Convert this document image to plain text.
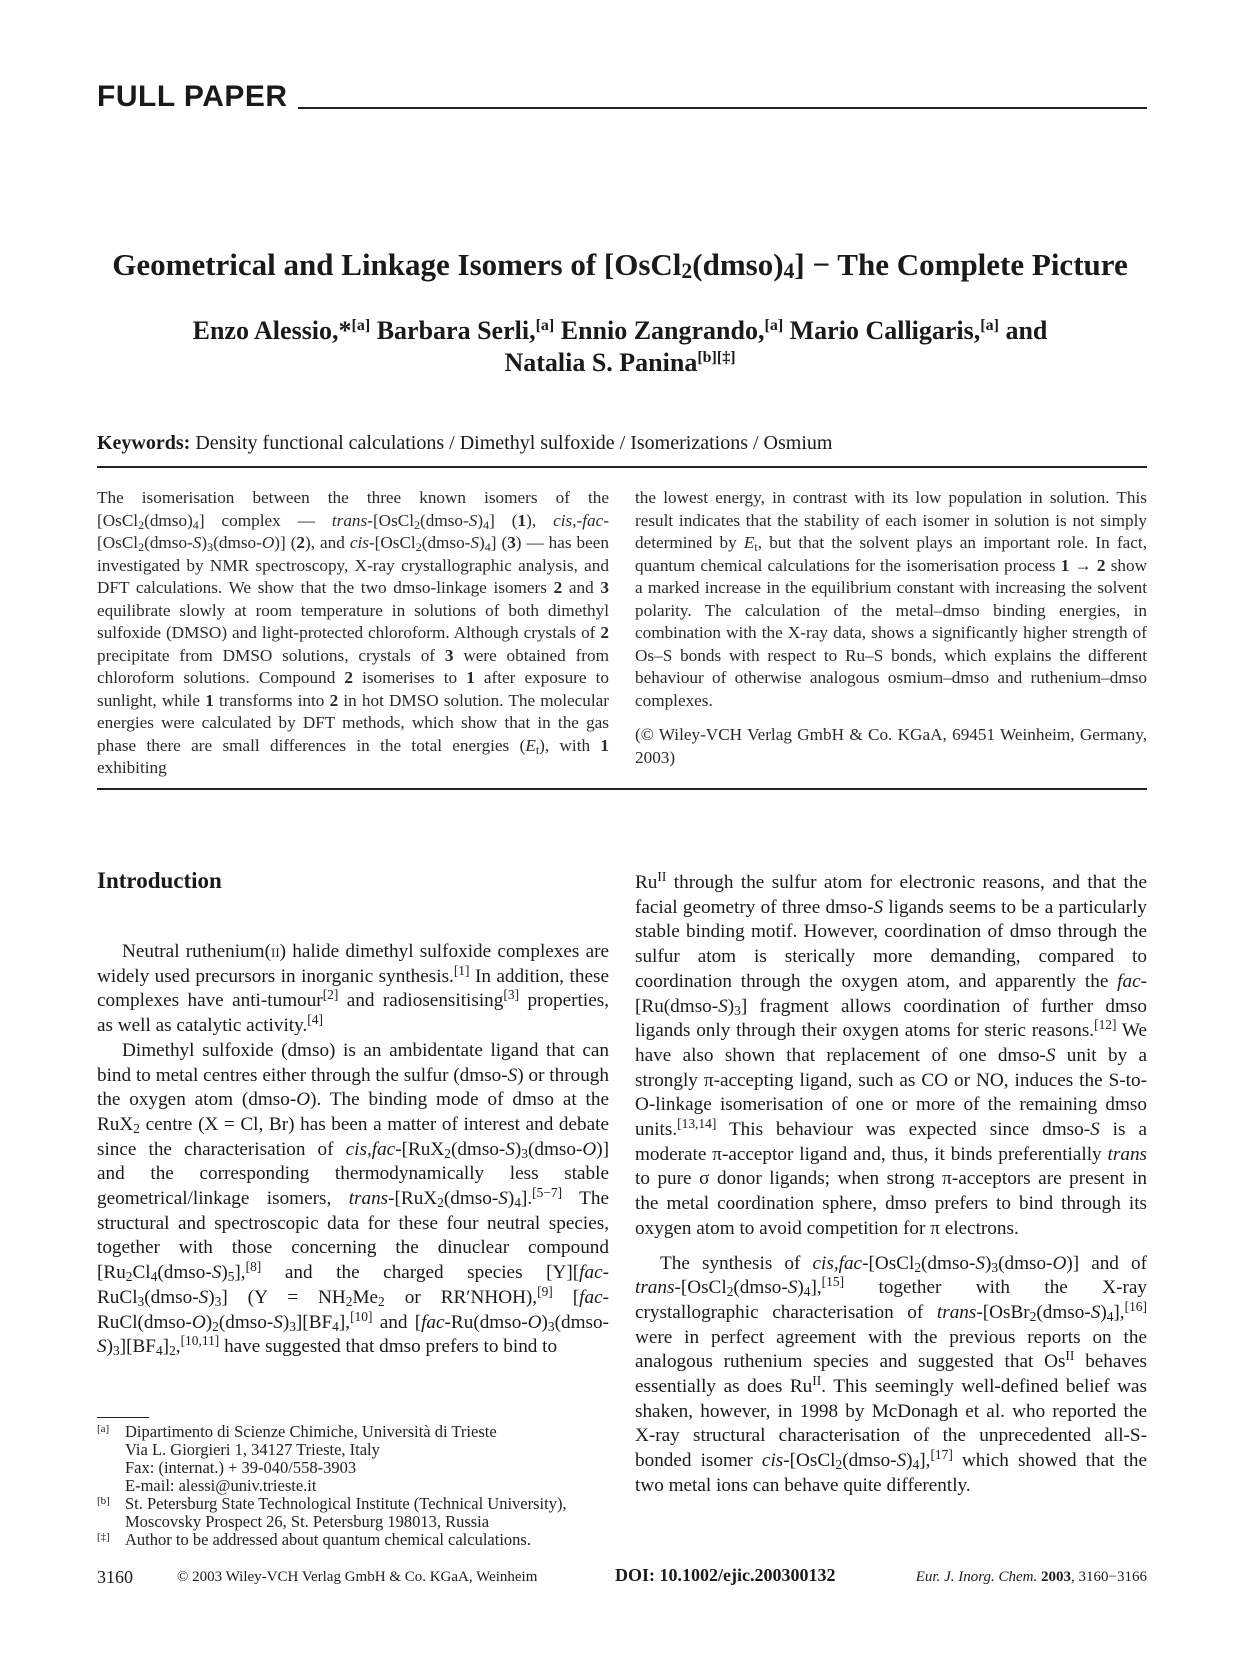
FULL PAPER
Geometrical and Linkage Isomers of $[OsCl_2(dmso)_4]$ − The Complete Picture
Enzo Alessio,*[a] Barbara Serli,[a] Ennio Zangrando,[a] Mario Calligaris,[a] and
Natalia S. Panina[b][‡]
Keywords: Density functional calculations / Dimethyl sulfoxide / Isomerizations / Osmium

The isomerisation between the three known isomers of the $[OsCl_2(dmso)_4]$ complex — trans-$[OsCl_2(dmso-S)_4]$ (1), $cis,-fac-[OsCl_2(dmso-S)_3(dmso-O)]$ (2), and cis-$[OsCl_2(dmso-S)_4]$ (3) — has been investigated by NMR spectroscopy, X-ray crystallographic analysis, and DFT calculations. We show that the two dmso-linkage isomers 2 and 3 equilibrate slowly at room temperature in solutions of both dimethyl sulfoxide (DMSO) and light-protected chloroform. Although crystals of 2 precipitate from DMSO solutions, crystals of 3 were obtained from chloroform solutions. Compound 2 isomerises to 1 after exposure to sunlight, while 1 transforms into 2 in hot DMSO solution. The molecular energies were calculated by DFT methods, which show that in the gas phase there are small differences in the total energies $(E_t)$, with 1 exhibiting

the lowest energy, in contrast with its low population in solution. This result indicates that the stability of each isomer in solution is not simply determined by $E_t$, but that the solvent plays an important role. In fact, quantum chemical calculations for the isomerisation process 1 → 2 show a marked increase in the equilibrium constant with increasing the solvent polarity. The calculation of the metal–dmso binding energies, in combination with the X-ray data, shows a significantly higher strength of Os–S bonds with respect to Ru–S bonds, which explains the different behaviour of otherwise analogous osmium–dmso and ruthenium–dmso complexes.

(© Wiley-VCH Verlag GmbH & Co. KGaA, 69451 Weinheim, Germany, 2003)

Introduction

Neutral ruthenium(ii) halide dimethyl sulfoxide complexes are widely used precursors in inorganic synthesis.[1] In addition, these complexes have anti-tumour[2] and radiosensitising[3] properties, as well as catalytic activity.[4]

Dimethyl sulfoxide (dmso) is an ambidentate ligand that can bind to metal centres either through the sulfur (dmso-S) or through the oxygen atom (dmso-O). The binding mode of dmso at the RuX$_2$ centre (X = Cl, Br) has been a matter of interest and debate since the characterisation of $cis,fac-[RuX_2(dmso-S)_3(dmso-O)]$ and the corresponding thermodynamically less stable geometrical/linkage isomers, trans-$[RuX_2(dmso-S)_4].[5-7]$ The structural and spectroscopic data for these four neutral species, together with those concerning the dinuclear compound $[Ru_2Cl_4(dmso-S)_5],[8]$ and the charged species $[Y][fac-RuCl_3(dmso-S)_3] (Y = NH_2Me_2$ or RR′NHOH),[9] $[fac-RuCl(dmso-O)_2(dmso-S)_3][BF_4],[10]$ and $[fac-Ru(dmso-O)_3(dmso-S)_3][BF_4]_2,[10,11]$ have suggested that dmso prefers to bind to

$Ru^{II}$ through the sulfur atom for electronic reasons, and that the facial geometry of three dmso-S ligands seems to be a particularly stable binding motif. However, coordination of dmso through the sulfur atom is sterically more demanding, compared to coordination through the oxygen atom, and apparently the fac-$[Ru(dmso-S)_3]$ fragment allows coordination of further dmso ligands only through their oxygen atoms for steric reasons.[12] We have also shown that replacement of one dmso-S unit by a strongly π-accepting ligand, such as CO or NO, induces the S-to-O-linkage isomerisation of one or more of the remaining dmso units.[13,14] This behaviour was expected since dmso-S is a moderate π-acceptor ligand and, thus, it binds preferentially trans to pure σ donor ligands; when strong π-acceptors are present in the metal coordination sphere, dmso prefers to bind through its oxygen atom to avoid competition for π electrons.

The synthesis of $cis,fac-[OsCl_2(dmso-S)_3(dmso-O)]$ and of trans-$[OsCl_2(dmso-S)_4],[15]$ together with the X-ray crystallographic characterisation of trans-$[OsBr_2(dmso-S)_4],[16]$ were in perfect agreement with the previous reports on the analogous ruthenium species and suggested that $Os^{II}$ behaves essentially as does $Ru^{II}$. This seemingly well-defined belief was shaken, however, in 1998 by McDonagh et al. who reported the X-ray structural characterisation of the unprecedented all-S-bonded isomer cis-$[OsCl_2(dmso-S)_4],[17]$ which showed that the two metal ions can behave quite differently.

[a] Dipartimento di Scienze Chimiche, Università di Trieste
Via L. Giorgieri 1, 34127 Trieste, Italy
Fax: (internat.) + 39-040/558-3903
E-mail: alessi@univ.trieste.it
[b] St. Petersburg State Technological Institute (Technical University),
Moscovsky Prospect 26, St. Petersburg 198013, Russia
[‡] Author to be addressed about quantum chemical calculations.
3160	© 2003 Wiley-VCH Verlag GmbH & Co. KGaA, Weinheim	DOI: 10.1002/ejic.200300132	Eur. J. Inorg. Chem. 2003, 3160−3166
